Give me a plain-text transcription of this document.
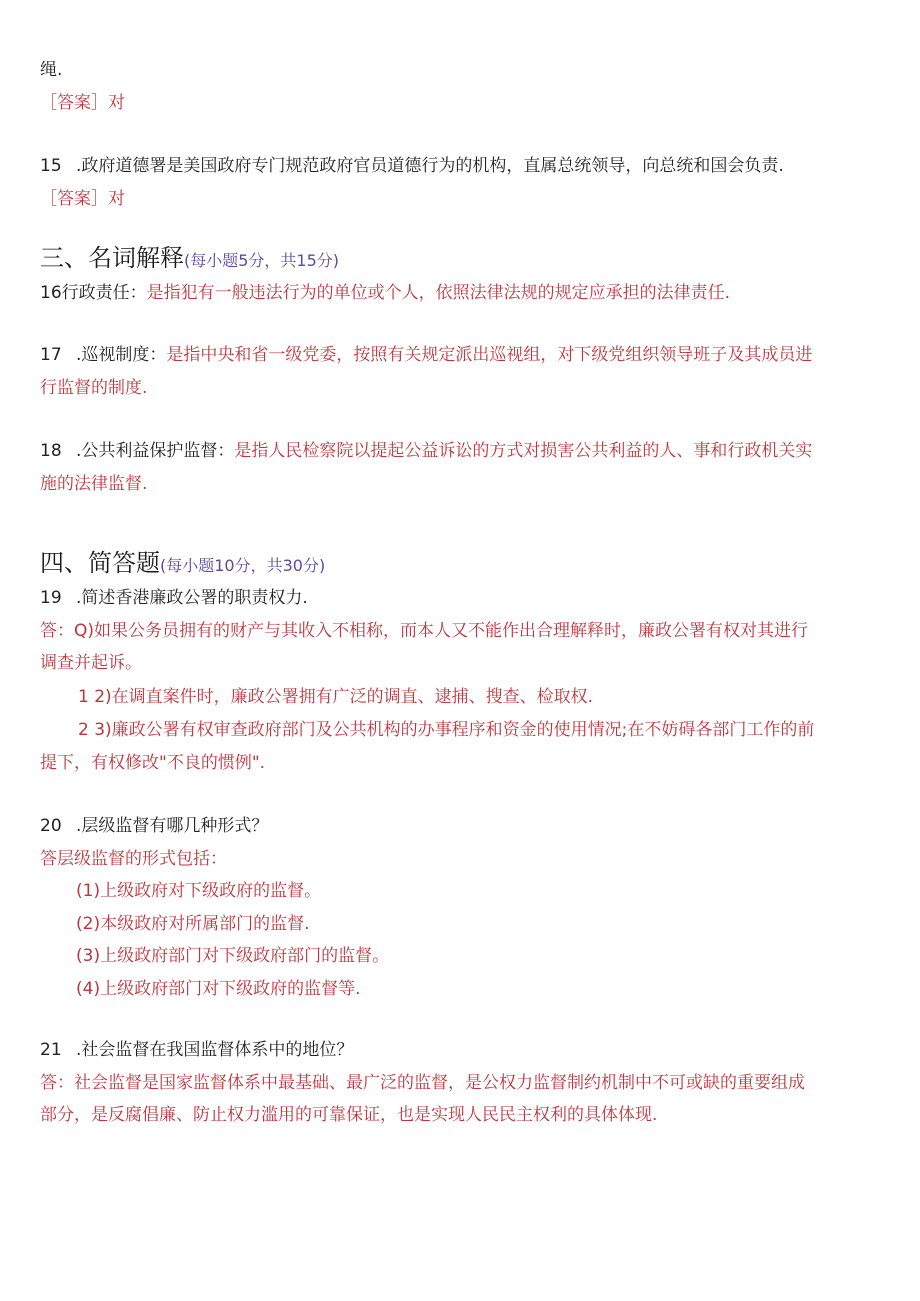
绳.
［答案］对
15 .政府道德署是美国政府专门规范政府官员道德行为的机构，直属总统领导，向总统和国会负责.
［答案］对
三、名词解释(每小题5分，共15分)
16行政责任：是指犯有一般违法行为的单位或个人，依照法律法规的规定应承担的法律责任.
17 .巡视制度：是指中央和省一级党委，按照有关规定派出巡视组，对下级党组织领导班子及其成员进
行监督的制度.
18 .公共利益保护监督：是指人民检察院以提起公益诉讼的方式对损害公共利益的人、事和行政机关实
施的法律监督.
四、简答题(每小题10分，共30分)
19 .简述香港廉政公署的职责权力.
答：Q)如果公务员拥有的财产与其收入不相称，而本人又不能作出合理解释时，廉政公署有权对其进行
调查并起诉。
1 2)在调直案件时，廉政公署拥有广泛的调直、逮捕、搜查、检取权.
2 3)廉政公署有权审查政府部门及公共机构的办事程序和资金的使用情况;在不妨碍各部门工作的前
提下，有权修改"不良的惯例".
20 .层级监督有哪几种形式？
答层级监督的形式包括：
(1)上级政府对下级政府的监督。
(2)本级政府对所属部门的监督.
(3)上级政府部门对下级政府部门的监督。
(4)上级政府部门对下级政府的监督等.
21 .社会监督在我国监督体系中的地位？
答：社会监督是国家监督体系中最基础、最广泛的监督，是公权力监督制约机制中不可或缺的重要组成
部分，是反腐倡廉、防止权力滥用的可靠保证，也是实现人民民主权利的具体体现.
